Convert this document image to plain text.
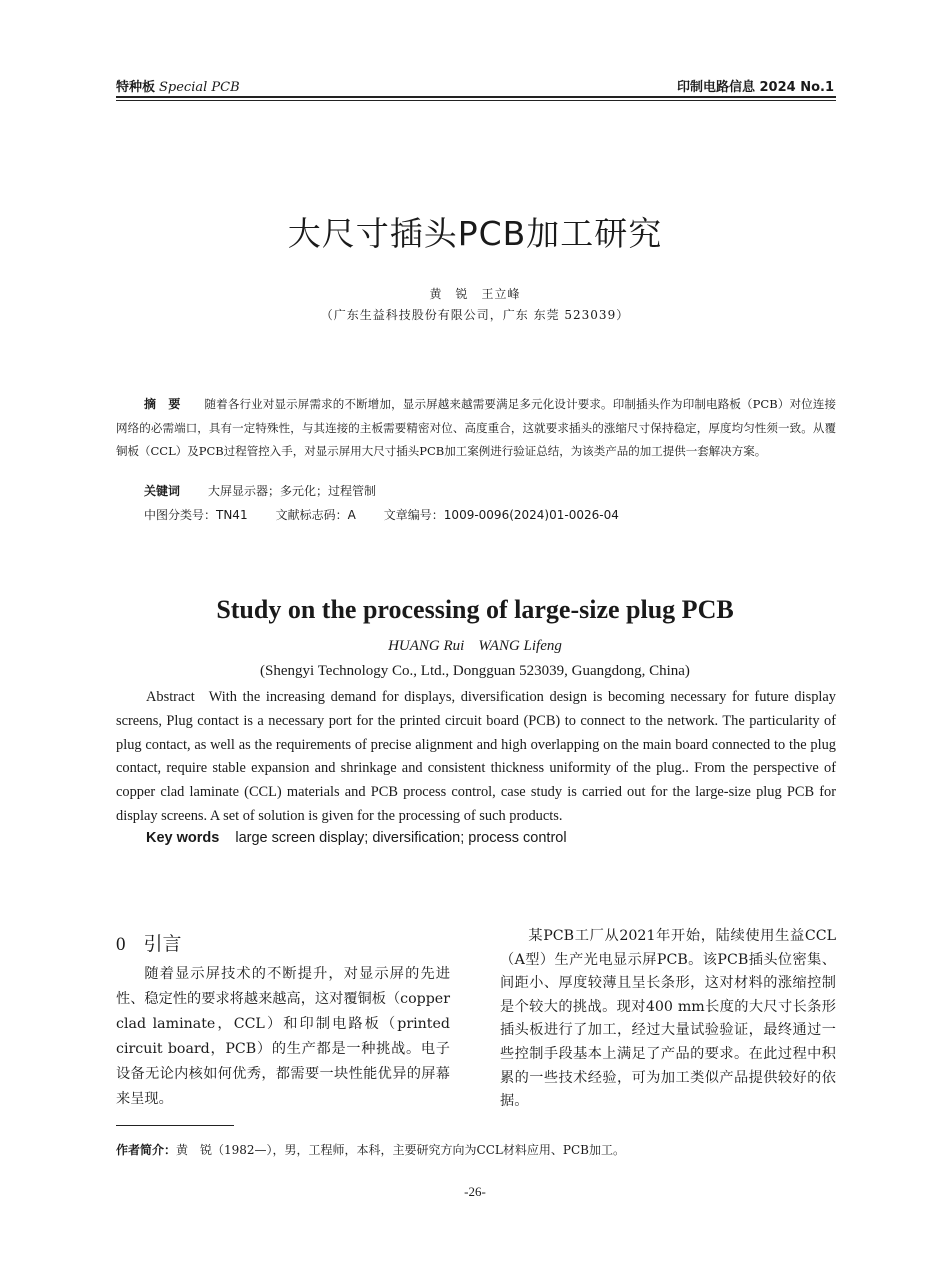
特种板 Special PCB	印制电路信息 2024 No.1
大尺寸插头PCB加工研究
黄　锐　王立峰
（广东生益科技股份有限公司，广东 东莞 523039）
摘　要 随着各行业对显示屏需求的不断增加，显示屏越来越需要满足多元化设计要求。印制插头作为印制电路板（PCB）对位连接网络的必需端口，具有一定特殊性，与其连接的主板需要精密对位、高度重合，这就要求插头的涨缩尺寸保持稳定，厚度均匀性须一致。从覆铜板（CCL）及PCB过程管控入手，对显示屏用大尺寸插头PCB加工案例进行验证总结，为该类产品的加工提供一套解决方案。
关键词 大屏显示器；多元化；过程管制
中图分类号：TN41 文献标志码：A 文章编号：1009-0096(2024)01-0026-04
Study on the processing of large-size plug PCB
HUANG Rui WANG Lifeng
(Shengyi Technology Co., Ltd., Dongguan 523039, Guangdong, China)
Abstract With the increasing demand for displays, diversification design is becoming necessary for future display screens, Plug contact is a necessary port for the printed circuit board (PCB) to connect to the network. The particularity of plug contact, as well as the requirements of precise alignment and high overlapping on the main board connected to the plug contact, require stable expansion and shrinkage and consistent thickness uniformity of the plug.. From the perspective of copper clad laminate (CCL) materials and PCB process control, case study is carried out for the large-size plug PCB for display screens. A set of solution is given for the processing of such products.
Key words large screen display; diversification; process control
0 引言
随着显示屏技术的不断提升，对显示屏的先进性、稳定性的要求将越来越高，这对覆铜板（copper clad laminate，CCL）和印制电路板（printed circuit board，PCB）的生产都是一种挑战。电子设备无论内核如何优秀，都需要一块性能优异的屏幕来呈现。
某PCB工厂从2021年开始，陆续使用生益CCL（A型）生产光电显示屏PCB。该PCB插头位密集、间距小、厚度较薄且呈长条形，这对材料的涨缩控制是个较大的挑战。现对400 mm长度的大尺寸长条形插头板进行了加工，经过大量试验验证，最终通过一些控制手段基本上满足了产品的要求。在此过程中积累的一些技术经验，可为加工类似产品提供较好的依据。
作者简介：黄　锐（1982—），男，工程师，本科，主要研究方向为CCL材料应用、PCB加工。
-26-
